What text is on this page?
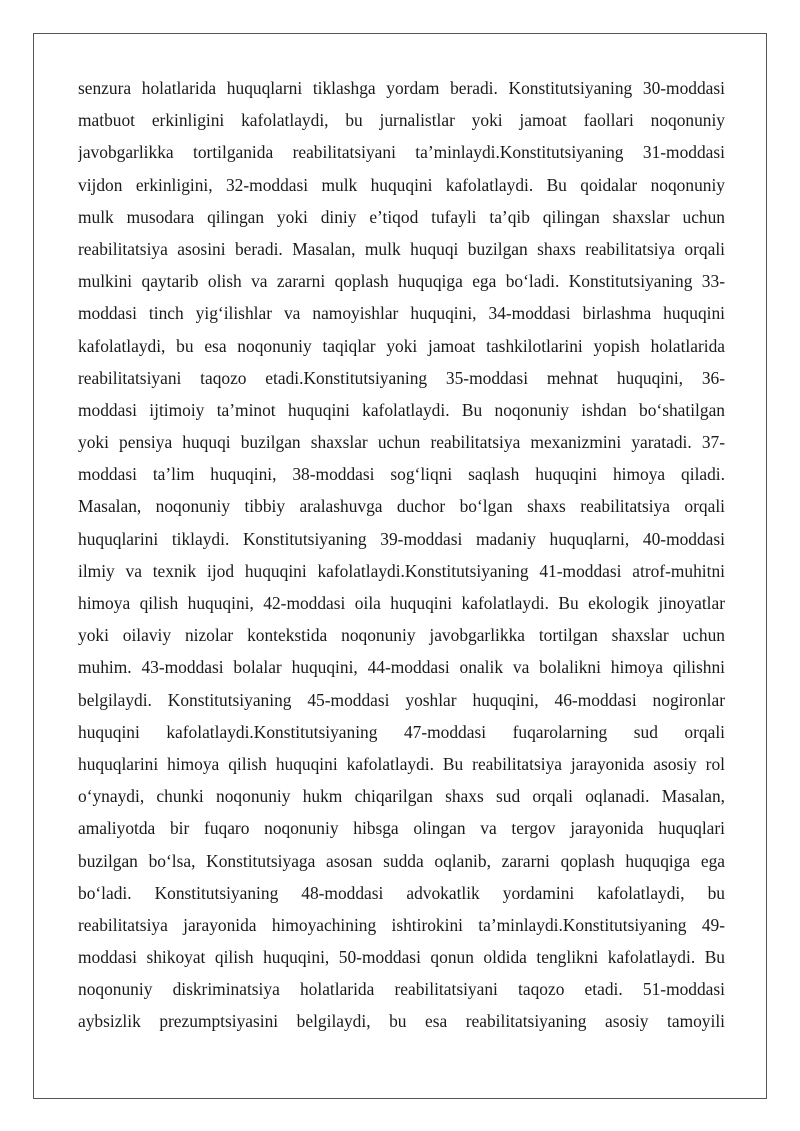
senzura holatlarida huquqlarni tiklashga yordam beradi. Konstitutsiyaning 30-moddasi
matbuot erkinligini kafolatlaydi, bu jurnalistlar yoki jamoat faollari noqonuniy
javobgarlikka tortilganida reabilitatsiyani ta’minlaydi.Konstitutsiyaning 31-moddasi
vijdon erkinligini, 32-moddasi mulk huquqini kafolatlaydi. Bu qoidalar noqonuniy
mulk musodara qilingan yoki diniy e’tiqod tufayli ta’qib qilingan shaxslar uchun
reabilitatsiya asosini beradi. Masalan, mulk huquqi buzilgan shaxs reabilitatsiya orqali
mulkini qaytarib olish va zararni qoplash huquqiga ega bo‘ladi. Konstitutsiyaning 33-
moddasi tinch yig‘ilishlar va namoyishlar huquqini, 34-moddasi birlashma huquqini
kafolatlaydi, bu esa noqonuniy taqiqlar yoki jamoat tashkilotlarini yopish holatlarida
reabilitatsiyani taqozo etadi.Konstitutsiyaning 35-moddasi mehnat huquqini, 36-
moddasi ijtimoiy ta’minot huquqini kafolatlaydi. Bu noqonuniy ishdan bo‘shatilgan
yoki pensiya huquqi buzilgan shaxslar uchun reabilitatsiya mexanizmini yaratadi. 37-
moddasi ta’lim huquqini, 38-moddasi sog‘liqni saqlash huquqini himoya qiladi.
Masalan, noqonuniy tibbiy aralashuvga duchor bo‘lgan shaxs reabilitatsiya orqali
huquqlarini tiklaydi. Konstitutsiyaning 39-moddasi madaniy huquqlarni, 40-moddasi
ilmiy va texnik ijod huquqini kafolatlaydi.Konstitutsiyaning 41-moddasi atrof-muhitni
himoya qilish huquqini, 42-moddasi oila huquqini kafolatlaydi. Bu ekologik jinoyatlar
yoki oilaviy nizolar kontekstida noqonuniy javobgarlikka tortilgan shaxslar uchun
muhim. 43-moddasi bolalar huquqini, 44-moddasi onalik va bolalikni himoya qilishni
belgilaydi. Konstitutsiyaning 45-moddasi yoshlar huquqini, 46-moddasi nogironlar
huquqini kafolatlaydi.Konstitutsiyaning 47-moddasi fuqarolarning sud orqali
huquqlarini himoya qilish huquqini kafolatlaydi. Bu reabilitatsiya jarayonida asosiy rol
o‘ynaydi, chunki noqonuniy hukm chiqarilgan shaxs sud orqali oqlanadi. Masalan,
amaliyotda bir fuqaro noqonuniy hibsga olingan va tergov jarayonida huquqlari
buzilgan bo‘lsa, Konstitutsiyaga asosan sudda oqlanib, zararni qoplash huquqiga ega
bo‘ladi. Konstitutsiyaning 48-moddasi advokatlik yordamini kafolatlaydi, bu
reabilitatsiya jarayonida himoyachining ishtirokini ta’minlaydi.Konstitutsiyaning 49-
moddasi shikoyat qilish huquqini, 50-moddasi qonun oldida tenglikni kafolatlaydi. Bu
noqonuniy diskriminatsiya holatlarida reabilitatsiyani taqozo etadi. 51-moddasi
aybsizlik prezumptsiyasini belgilaydi, bu esa reabilitatsiyaning asosiy tamoyili
